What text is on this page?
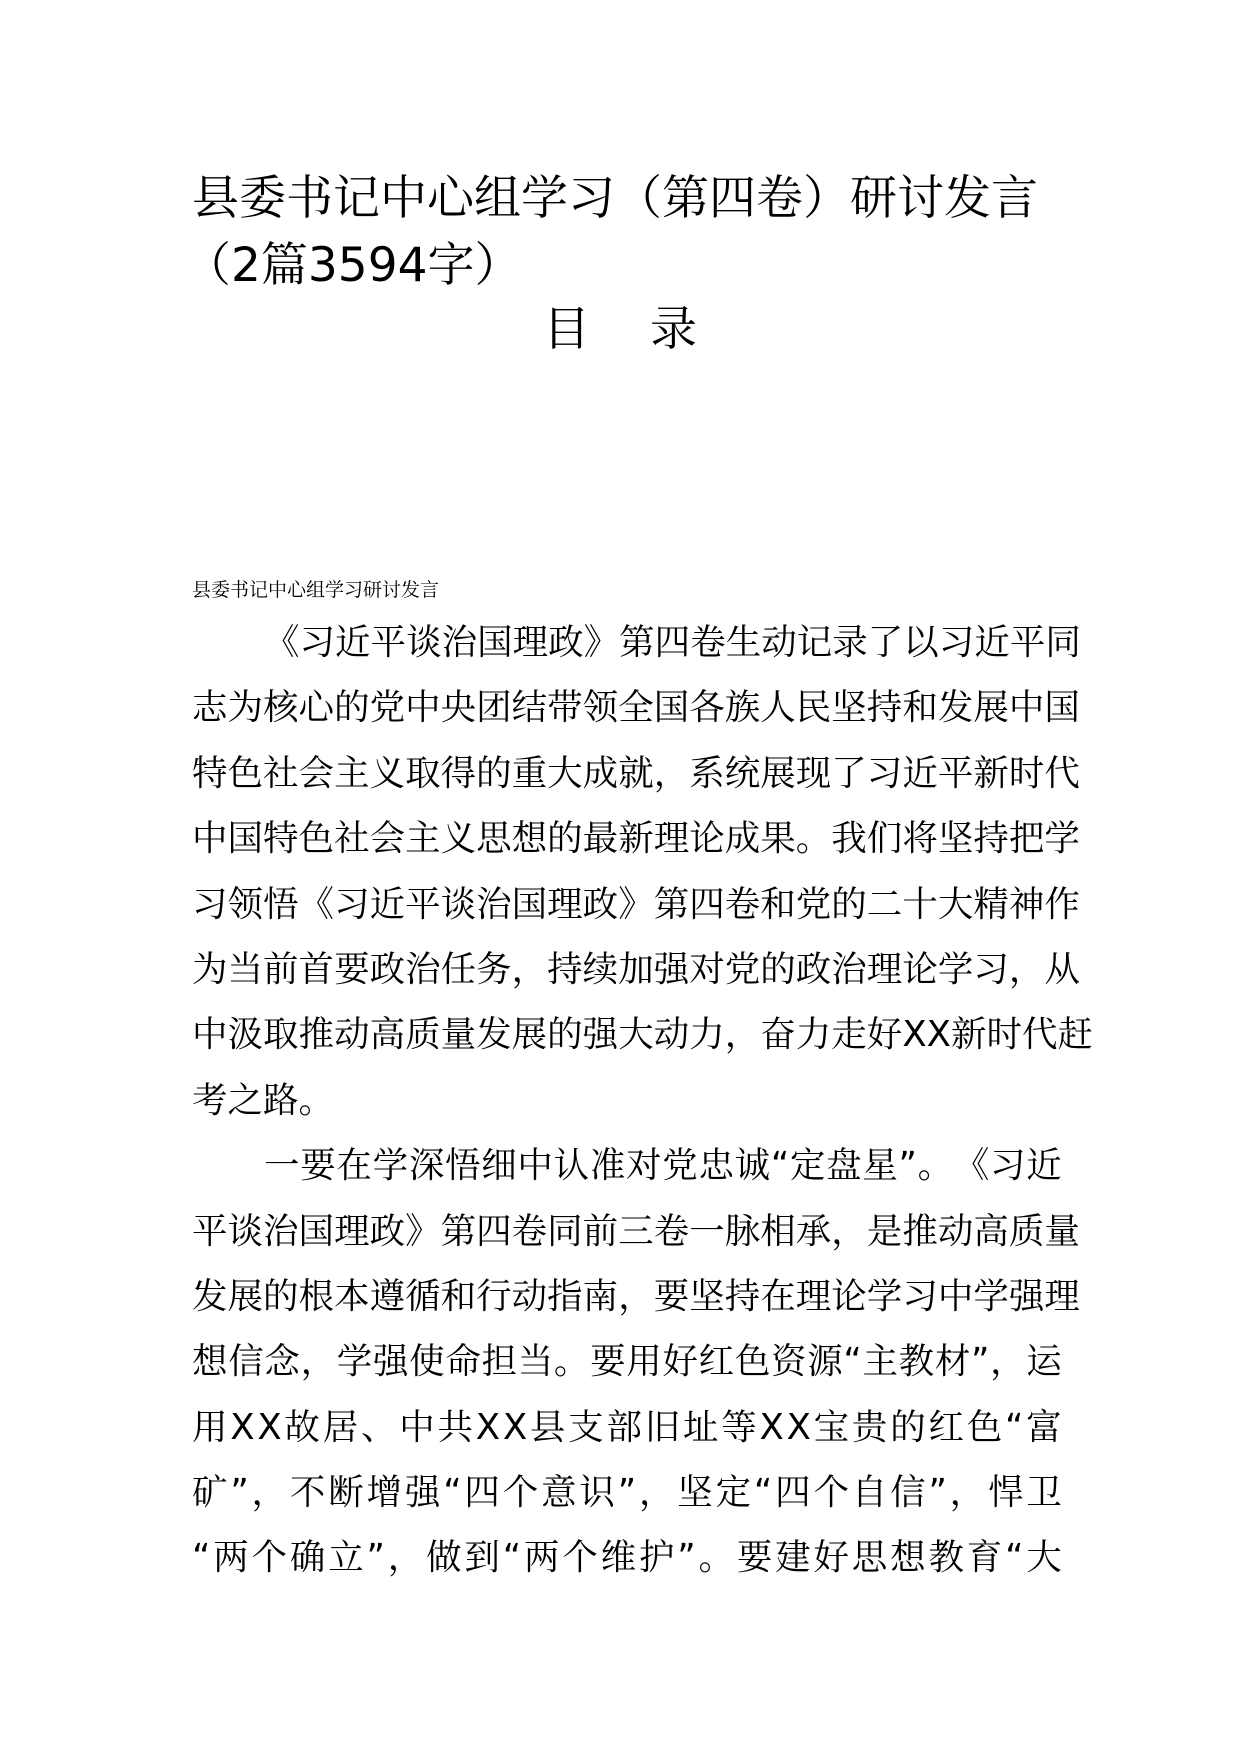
县委书记中心组学习（第四卷）研讨发言
（2篇3594字）
目 录
县委书记中心组学习研讨发言
《 习 近 平 谈 治 国 理 政 》 第 四 卷 生 动 记 录 了 以 习 近 平 同
志 为 核 心 的 党 中 央 团 结 带 领 全 国 各 族 人 民 坚 持 和 发 展 中 国
特 色 社 会 主 义 取 得 的 重 大 成 就 ， 系 统 展 现 了 习 近 平 新 时 代
中 国 特 色 社 会 主 义 思 想 的 最 新 理 论 成 果 。 我 们 将 坚 持 把 学
习 领 悟 《 习 近 平 谈 治 国 理 政 》 第 四 卷 和 党 的 二 十 大 精 神 作
为 当 前 首 要 政 治 任 务 ， 持 续 加 强 对 党 的 政 治 理 论 学 习 ， 从
中 汲 取 推 动 高 质 量 发 展 的 强 大 动 力 ， 奋 力 走 好 X X 新 时 代 赶
考之路。
一 要 在 学 深 悟 细 中 认 准 对 党 忠 诚 “ 定 盘 星 ” 。 《 习 近
平 谈 治 国 理 政 》 第 四 卷 同 前 三 卷 一 脉 相 承 ， 是 推 动 高 质 量
发 展 的 根 本 遵 循 和 行 动 指 南 ， 要 坚 持 在 理 论 学 习 中 学 强 理
想 信 念 ， 学 强 使 命 担 当 。 要 用 好 红 色 资 源 “ 主 教 材 ” ， 运
用 X X 故 居 、 中 共 X X 县 支 部 旧 址 等 X X 宝 贵 的 红 色 “ 富
矿 ” ， 不 断 增 强 “ 四 个 意 识 ” ， 坚 定 “ 四 个 自 信 ” ， 悍 卫
“ 两 个 确 立 ” ， 做 到 “ 两 个 维 护 ” 。 要 建 好 思 想 教 育 “ 大
